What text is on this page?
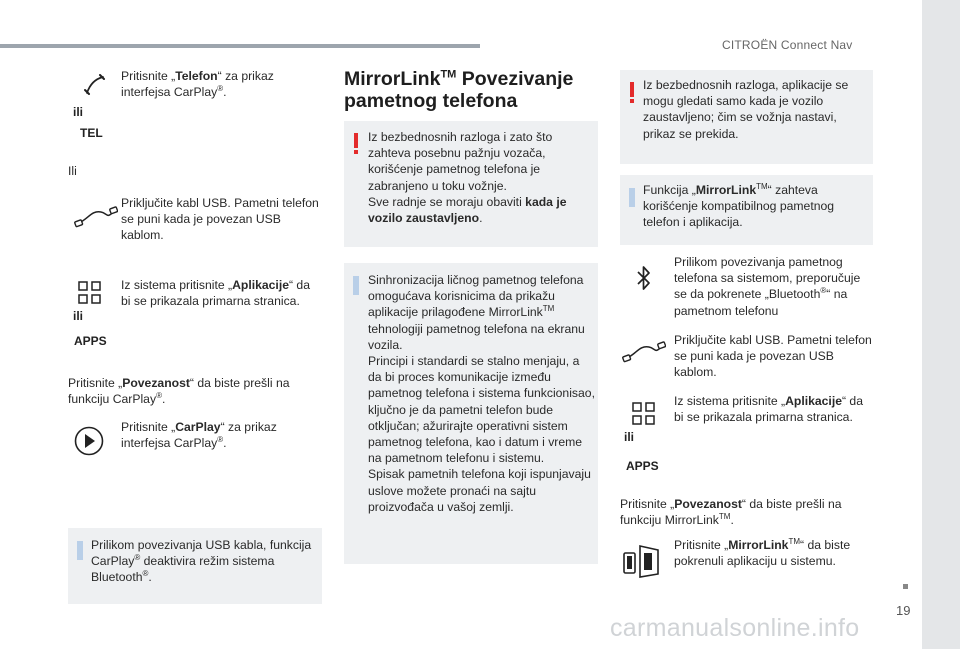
CITROËN Connect Nav
19
ili
TEL
Pritisnite „Telefon“ za prikaz interfejsa CarPlay®.
Ili
Priključite kabl USB. Pametni telefon se puni kada je povezan USB kablom.
ili
APPS
Iz sistema pritisnite „Aplikacije“ da bi se prikazala primarna stranica.
Pritisnite „Povezanost“ da biste prešli na funkciju CarPlay®.
Pritisnite „CarPlay“ za prikaz interfejsa CarPlay®.
Prilikom povezivanja USB kabla, funkcija
CarPlay® deaktivira režim sistema
Bluetooth®.
MirrorLink™ Povezivanje
pametnog telefona
Iz bezbednosnih razloga i zato što zahteva posebnu pažnju vozača, korišćenje pametnog telefona je zabranjeno u toku vožnje.
Sve radnje se moraju obaviti kada je vozilo zaustavljeno.
Sinhronizacija ličnog pametnog telefona omogućava korisnicima da prikažu aplikacije prilagođene MirrorLink™ tehnologiji pametnog telefona na ekranu vozila.
Principi i standardi se stalno menjaju, a da bi proces komunikacije između pametnog telefona i sistema funkcionisao, ključno je da pametni telefon bude otključan; ažurirajte operativni sistem pametnog telefona, kao i datum i vreme na pametnom telefonu i sistemu.
Spisak pametnih telefona koji ispunjavaju uslove možete pronaći na sajtu proizvođača u vašoj zemlji.
Iz bezbednosnih razloga, aplikacije se mogu gledati samo kada je vozilo zaustavljeno; čim se vožnja nastavi, prikaz se prekida.
Funkcija „MirrorLink™“ zahteva korišćenje kompatibilnog pametnog telefon i aplikacija.
Prilikom povezivanja pametnog telefona sa sistemom, preporučuje se da pokrenete „Bluetooth®“ na pametnom telefonu
Priključite kabl USB. Pametni telefon se puni kada je povezan USB kablom.
ili
APPS
Iz sistema pritisnite „Aplikacije“ da bi se prikazala primarna stranica.
Pritisnite „Povezanost“ da biste prešli na funkciju MirrorLink™.
Pritisnite „MirrorLink™“ da biste pokrenuli aplikaciju u sistemu.
carmanualsonline.info
